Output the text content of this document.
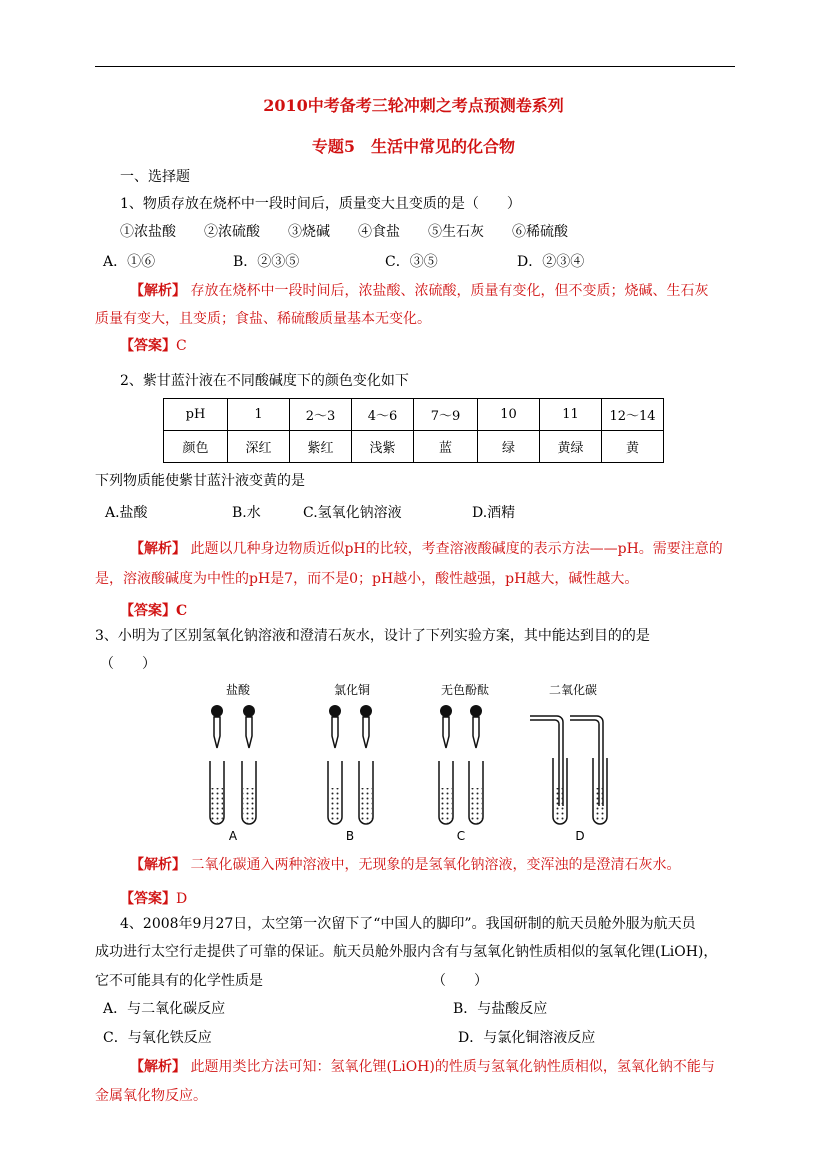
2010中考备考三轮冲刺之考点预测卷系列
专题5　生活中常见的化合物
一、选择题
1、物质存放在烧杯中一段时间后，质量变大且变质的是（　　）
①浓盐酸　　②浓硫酸　　③烧碱　　④食盐　　⑤生石灰　　⑥稀硫酸
A．①⑥	B．②③⑤	C．③⑤	D．②③④
【解析】 存放在烧杯中一段时间后，浓盐酸、浓硫酸，质量有变化，但不变质；烧碱、生石灰
质量有变大，且变质；食盐、稀硫酸质量基本无变化。
【答案】C
2、紫甘蓝汁液在不同酸碱度下的颜色变化如下
pH	1	2～3	4～6	7～9	10	11	12～14
颜色	深红	紫红	浅紫	蓝	绿	黄绿	黄
下列物质能使紫甘蓝汁液变黄的是
A.盐酸	B.水	C.氢氧化钠溶液	D.酒精
【解析】 此题以几种身边物质近似pH的比较，考查溶液酸碱度的表示方法——pH。需要注意的
是，溶液酸碱度为中性的pH是7，而不是0；pH越小，酸性越强，pH越大，碱性越大。
【答案】C
3、小明为了区别氢氧化钠溶液和澄清石灰水，设计了下列实验方案，其中能达到目的的是
（　　）
盐酸	氯化铜	无色酚酞	二氧化碳
A	B	C	D
【解析】 二氧化碳通入两种溶液中，无现象的是氢氧化钠溶液，变浑浊的是澄清石灰水。
【答案】D
4、2008年9月27日，太空第一次留下了“中国人的脚印”。我国研制的航天员舱外服为航天员
成功进行太空行走提供了可靠的保证。航天员舱外服内含有与氢氧化钠性质相似的氢氧化锂(LiOH)，
它不可能具有的化学性质是	（　　）
A．与二氧化碳反应	B．与盐酸反应
C．与氧化铁反应	D．与氯化铜溶液反应
【解析】 此题用类比方法可知：氢氧化锂(LiOH)的性质与氢氧化钠性质相似，氢氧化钠不能与
金属氧化物反应。
